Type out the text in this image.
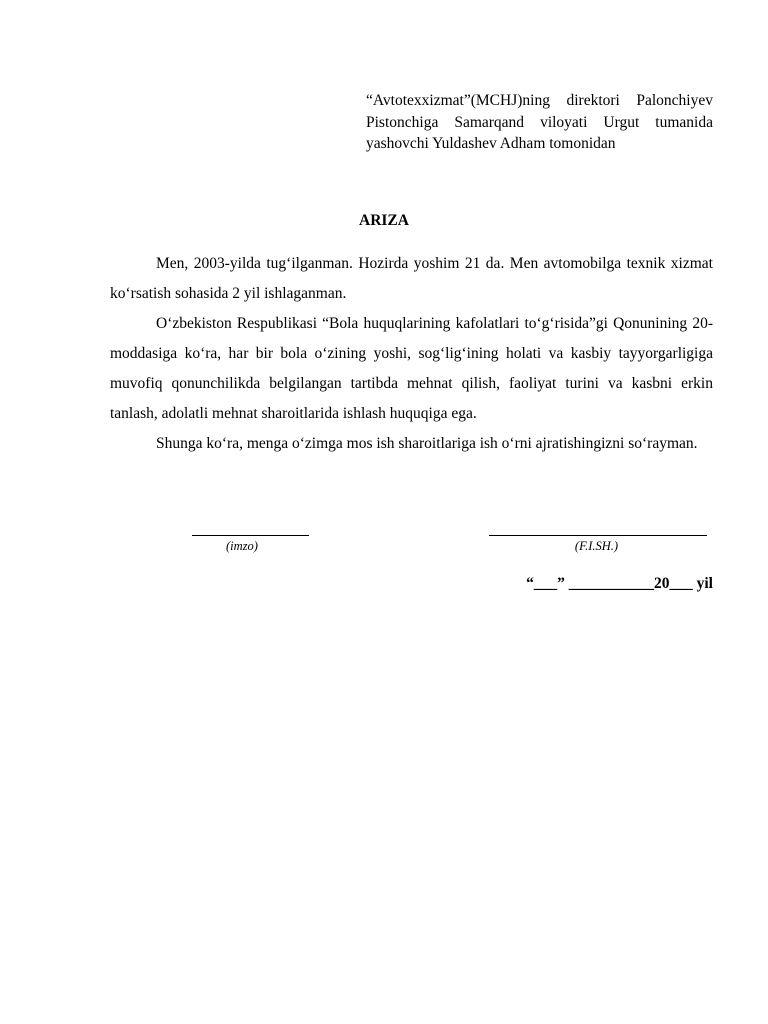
“Avtotexxizmat”(MCHJ)ning direktori Palonchiyev Pistonchiga Samarqand viloyati Urgut tumanida yashovchi Yuldashev Adham tomonidan
ARIZA

Men, 2003-yilda tug‘ilganman. Hozirda yoshim 21 da. Men avtomobilga texnik xizmat ko‘rsatish sohasida 2 yil ishlaganman.

O‘zbekiston Respublikasi “Bola huquqlarining kafolatlari to‘g‘risida”gi Qonunining 20-moddasiga ko‘ra, har bir bola o‘zining yoshi, sog‘lig‘ining holati va kasbiy tayyorgarligiga muvofiq qonunchilikda belgilangan tartibda mehnat qilish, faoliyat turini va kasbni erkin tanlash, adolatli mehnat sharoitlarida ishlash huquqiga ega.

Shunga ko‘ra, menga o‘zimga mos ish sharoitlariga ish o‘rni ajratishingizni so‘rayman.

(imzo)	(F.I.SH.)
“___” ___________20___ yil
